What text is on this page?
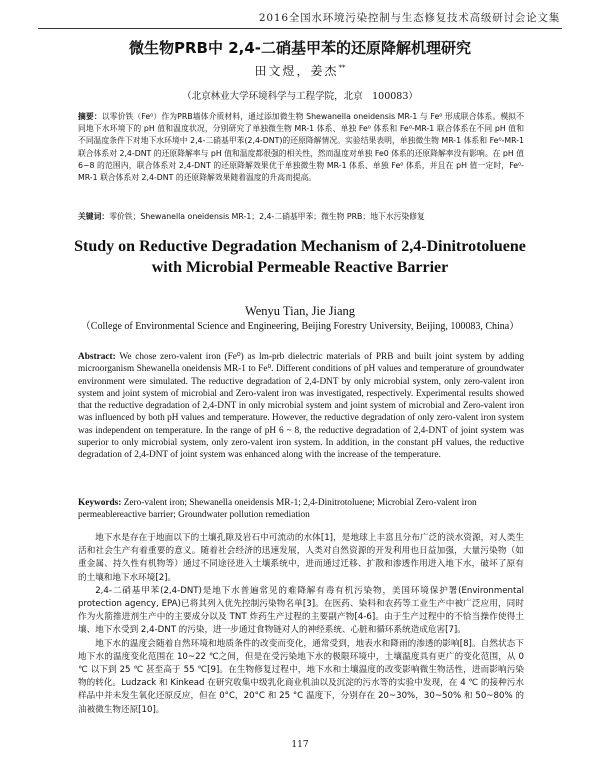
2016全国水环境污染控制与生态修复技术高级研讨会论文集
微生物PRB中 2,4-二硝基甲苯的还原降解机理研究
田文煜，姜杰**
（北京林业大学环境科学与工程学院，北京　100083）
摘要：以零价铁（Fe⁰）作为PRB墙体介质材料，通过添加微生物 Shewanella oneidensis MR-1 与 Fe⁰ 形成联合体系。模拟不同地下水环境下的 pH 值和温度状况，分别研究了单独微生物 MR-1 体系、单独 Fe⁰ 体系和 Fe⁰-MR-1 联合体系在不同 pH 值和不同温度条件下对地下水环境中 2,4-二硝基甲苯(2,4-DNT)的还原降解情况。实验结果表明，单独微生物 MR-1 体系和 Fe⁰-MR-1 联合体系对 2,4-DNT 的还原降解率与 pH 值和温度都很强的相关性，然而温度对单独 Fe0 体系的还原降解率没有影响。在 pH 值 6~8 的范围内，联合体系对 2,4-DNT 的还原降解效果优于单独微生物 MR-1 体系、单独 Fe⁰ 体系，并且在 pH 值一定时，Fe⁰-MR-1 联合体系对 2,4-DNT 的还原降解效果随着温度的升高而提高。
关键词：零价铁；Shewanella oneidensis MR-1；2,4-二硝基甲苯；微生物 PRB；地下水污染修复
Study on Reductive Degradation Mechanism of 2,4-Dinitrotoluene with Microbial Permeable Reactive Barrier
Wenyu Tian, Jie Jiang
（College of Environmental Science and Engineering, Beijing Forestry University, Beijing, 100083, China）
Abstract: We chose zero-valent iron (Fe⁰) as lm-prb dielectric materials of PRB and built joint system by adding microorganism Shewanella oneidensis MR-1 to Fe⁰. Different conditions of pH values and temperature of groundwater environment were simulated. The reductive degradation of 2,4-DNT by only microbial system, only zero-valent iron system and joint system of microbial and Zero-valent iron was investigated, respectively. Experimental results showed that the reductive degradation of 2,4-DNT in only microbial system and joint system of microbial and Zero-valent iron was influenced by both pH values and temperature. However, the reductive degradation of only zero-valent iron system was independent on temperature. In the range of pH 6 ~ 8, the reductive degradation of 2,4-DNT of joint system was superior to only microbial system, only zero-valent iron system. In addition, in the constant pH values, the reductive degradation of 2,4-DNT of joint system was enhanced along with the increase of the temperature.
Keywords: Zero-valent iron; Shewanella oneidensis MR-1; 2,4-Dinitrotoluene; Microbial Zero-valent iron permeablereactive barrier; Groundwater pollution remediation

地下水是存在于地面以下的土壤孔隙及岩石中可流动的水体[1]，是地球上丰富且分布广泛的淡水资源，对人类生活和社会生产有着重要的意义。随着社会经济的迅速发展，人类对自然资源的开发利用也日益加强，大量污染物（如重金属、持久性有机物等）通过不同途径进入土壤系统中，进而通过迁移、扩散和渗透作用进入地下水，破坏了原有的土壤和地下水环境[2]。

2,4-二硝基甲苯(2,4-DNT)是地下水普遍常见的难降解有毒有机污染物，美国环境保护署(Environmental protection agency, EPA)已将其列入优先控制污染物名单[3]。在医药、染料和农药等工业生产中被广泛应用，同时作为火箭推进剂生产中的主要成分以及 TNT 炸药生产过程的主要副产物[4-6]。由于生产过程中的不恰当操作使得土壤、地下水受到 2,4-DNT 的污染，进一步通过食物链对人的神经系统、心脏和循环系统造成危害[7]。

地下水的温度会随着自然环境和地质条件的改变而变化，通常受到，地表水和降雨的渗透的影响[8]。自然状态下地下水的温度变化范围在 10~22 ℃之间，但是在受污染地下水的极限环境中，土壤温度具有更广的变化范围，从 0 ℃ 以下到 25 ℃ 甚至高于 55 ℃[9]。在生物修复过程中，地下水和土壤温度的改变影响微生物活性，进而影响污染物的转化。Ludzack 和 Kinkead 在研究收集中级乳化商业机油以及沉淀的污水等的实验中发现，在 4 ℃ 的接种污水样品中并未发生氧化还原反应，但在 0°C，20°C 和 25 °C 温度下，分别存在 20~30%，30~50% 和 50~80% 的油被微生物还原[10]。

117
